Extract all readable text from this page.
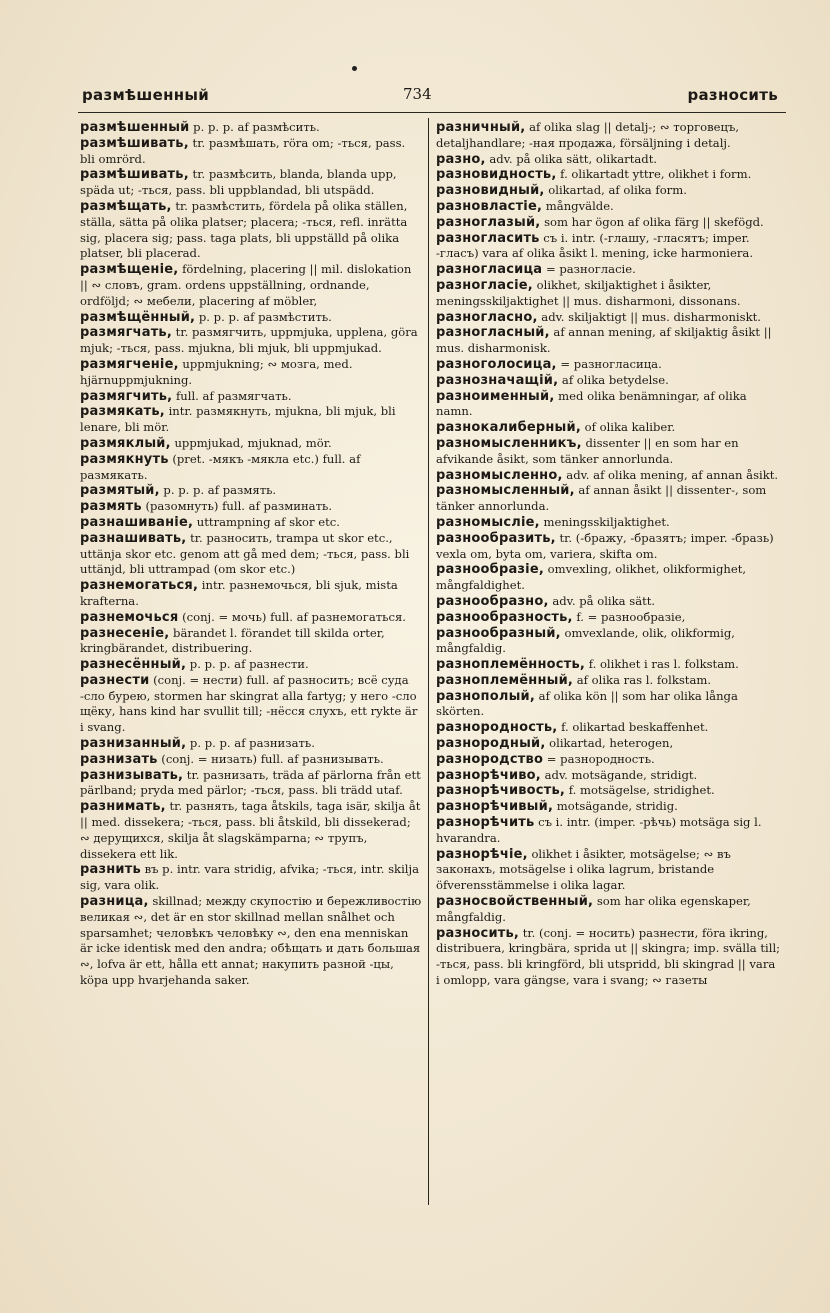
размѣшенный	734	разносить

размѣшенный p. p. p. af размѣсить.

размѣшивать, tr. размѣшать, röra om; -ться, pass. bli omrörd.

размѣшивать, tr. размѣсить, blanda, blanda upp, späda ut; -ться, pass. bli uppblandad, bli utspädd.

размѣщать, tr. размѣстить, fördela på olika ställen, ställa, sätta på olika platser; placera; -ться, refl. inrätta sig, placera sig; pass. taga plats, bli uppställd på olika platser, bli placerad.

размѣщеніе, fördelning, placering || mil. dislokation || ∾ словъ, gram. ordens uppställning, ordnande, ordföljd; ∾ мебели, placering af möbler,

размѣщённый, p. p. p. af размѣстить.

размягчать, tr. размягчить, uppmjuka, upplena, göra mjuk; -ться, pass. mjukna, bli mjuk, bli uppmjukad.

размягченіе, uppmjukning; ∾ мозга, med. hjärnuppmjukning.

размягчить, full. af размягчать.

размякать, intr. размякнуть, mjukna, bli mjuk, bli lenare, bli mör.

размяклый, uppmjukad, mjuknad, mör.

размякнуть (pret. -мякъ -мякла etc.) full. af размякать.

размятый, p. p. p. af размять.

размять (разомнуть) full. af разминать.

разнашиваніе, uttrampning af skor etc.

разнашивать, tr. разносить, trampa ut skor etc., uttänja skor etc. genom att gå med dem; -ться, pass. bli uttänjd, bli uttrampad (om skor etc.)

разнемогаться, intr. разнемочься, bli sjuk, mista krafterna.

разнемочься (conj. = мочь) full. af разнемогаться.

разнесеніе, bärandet l. förandet till skilda orter, kringbärandet, distribuering.

разнесённый, p. p. p. af разнести.

разнести (conj. = нести) full. af разносить; всё суда -сло бурею, stormen har skingrat alla fartyg; у него -сло щёку, hans kind har svullit till; -нёсся слухъ, ett rykte är i svang.

разнизанный, p. p. p. af разнизать.

разнизать (conj. = низать) full. af разнизывать.

разнизывать, tr. разнизать, träda af pärlorna från ett pärlband; pryda med pärlor; -ться, pass. bli trädd utaf.

разнимать, tr. разнять, taga åtskils, taga isär, skilja åt || med. dissekera; -ться, pass. bli åtskild, bli dissekerad; ∾ дерущихся, skilja åt slagskämparna; ∾ трупъ, dissekera ett lik.

разнить въ p. intr. vara stridig, afvika; -ться, intr. skilja sig, vara olik.

разница, skillnad; между скупостію и бережливостію великая ∾, det är en stor skillnad mellan snålhet och sparsamhet; человѣкъ человѣку ∾, den ena menniskan är icke identisk med den andra; обѣщать и дать большая ∾, lofva är ett, hålla ett annat; накупить разной -цы, köpa upp hvarjehanda saker.

разничный, af olika slag || detalj-; ∾ торговецъ, detaljhandlare; -ная продажа, försäljning i detalj.

разно, adv. på olika sätt, olikartadt.

разновидность, f. olikartadt yttre, olikhet i form.

разновидный, olikartad, af olika form.

разновластіе, mångvälde.

разноглазый, som har ögon af olika färg || skefögd.

разногласить съ i. intr. (-глашу, -гласятъ; imper. -гласъ) vara af olika åsikt l. mening, icke harmoniera.

разногласица = разногласіе.

разногласіе, olikhet, skiljaktighet i åsikter, meningsskiljaktighet || mus. disharmoni, dissonans.

разногласно, adv. skiljaktigt || mus. disharmoniskt.

разногласный, af annan mening, af skiljaktig åsikt || mus. disharmonisk.

разноголосица, = разногласица.

разнозначащій, af olika betydelse.

разноименный, med olika benämningar, af olika namn.

разнокалиберный, of olika kaliber.

разномысленникъ, dissenter || en som har en afvikande åsikt, som tänker annorlunda.

разномысленно, adv. af olika mening, af annan åsikt.

разномысленный, af annan åsikt || dissenter-, som tänker annorlunda.

разномысліе, meningsskiljaktighet.

разнообразить, tr. (-бражу, -бразятъ; imper. -бразь) vexla om, byta om, variera, skifta om.

разнообразіе, omvexling, olikhet, olikformighet, mångfaldighet.

разнообразно, adv. på olika sätt.

разнообразность, f. = разнообразіе,

разнообразный, omvexlande, olik, olikformig, mångfaldig.

разноплемённость, f. olikhet i ras l. folkstam.

разноплемённый, af olika ras l. folkstam.

разнополый, af olika kön || som har olika långa skörten.

разнородность, f. olikartad beskaffenhet.

разнородный, olikartad, heterogen,

разнородство = разнородность.

разнорѣчиво, adv. motsägande, stridigt.

разнорѣчивость, f. motsägelse, stridighet.

разнорѣчивый, motsägande, stridig.

разнорѣчить съ i. intr. (imper. -рѣчь) motsäga sig l. hvarandra.

разнорѣчіе, olikhet i åsikter, motsägelse; ∾ въ законахъ, motsägelse i olika lagrum, bristande öfverensstämmelse i olika lagar.

разносвойственный, som har olika egenskaper, mångfaldig.

разносить, tr. (conj. = носить) разнести, föra ikring, distribuera, kringbära, sprida ut || skingra; imp. svälla till; -ться, pass. bli kringförd, bli utspridd, bli skingrad || vara i omlopp, vara gängse, vara i svang; ∾ газеты
